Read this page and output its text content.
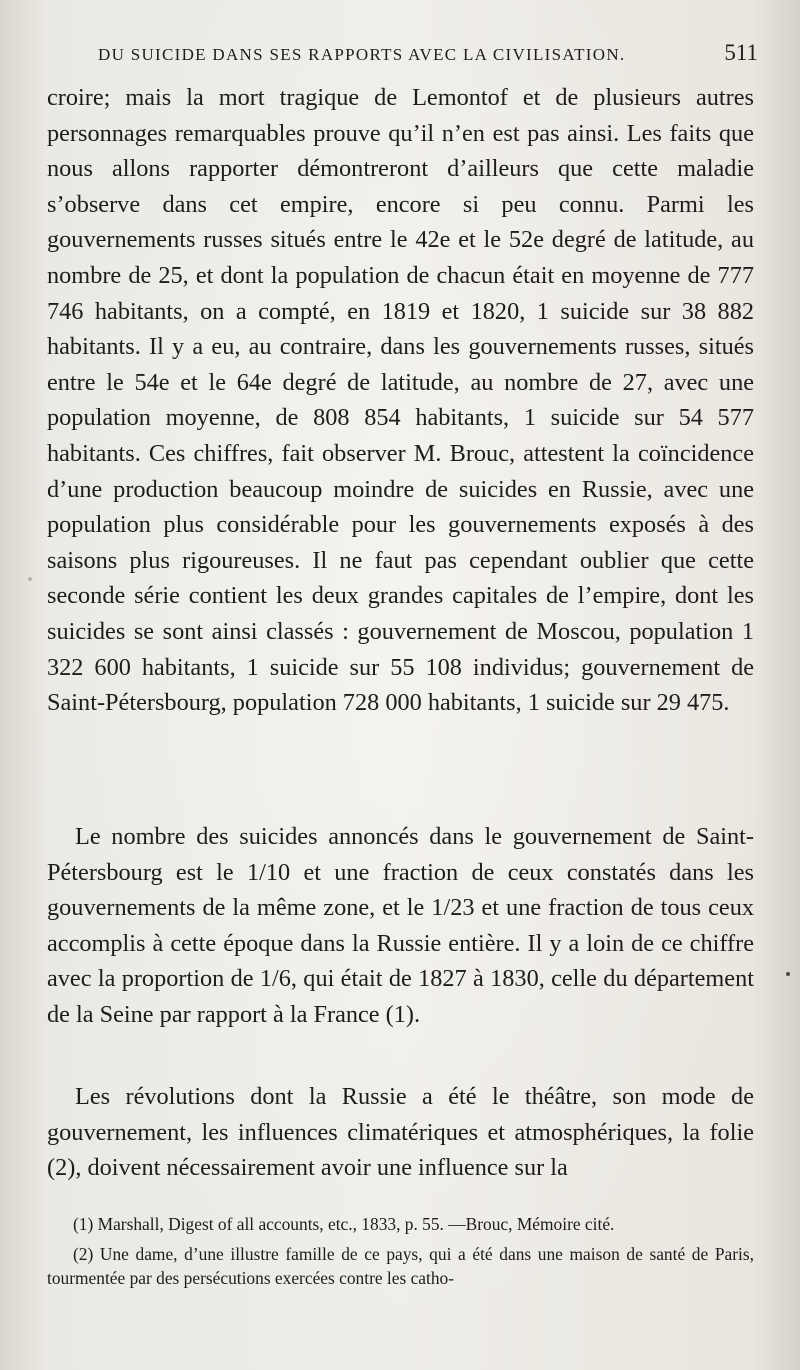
DU SUICIDE DANS SES RAPPORTS AVEC LA CIVILISATION.	511

croire; mais la mort tragique de Lemontof et de plusieurs autres personnages remarquables prouve qu’il n’en est pas ainsi. Les faits que nous allons rapporter démontreront d’ailleurs que cette maladie s’observe dans cet empire, encore si peu connu. Parmi les gouvernements russes situés entre le 42e et le 52e degré de latitude, au nombre de 25, et dont la population de chacun était en moyenne de 777 746 habitants, on a compté, en 1819 et 1820, 1 suicide sur 38 882 habitants. Il y a eu, au contraire, dans les gouvernements russes, situés entre le 54e et le 64e degré de latitude, au nombre de 27, avec une population moyenne, de 808 854 habitants, 1 suicide sur 54 577 habitants. Ces chiffres, fait observer M. Brouc, attestent la coïncidence d’une production beaucoup moindre de suicides en Russie, avec une population plus considérable pour les gouvernements exposés à des saisons plus rigoureuses. Il ne faut pas cependant oublier que cette seconde série contient les deux grandes capitales de l’empire, dont les suicides se sont ainsi classés : gouvernement de Moscou, population 1 322 600 habitants, 1 suicide sur 55 108 individus; gouvernement de Saint-Pétersbourg, population 728 000 habitants, 1 suicide sur 29 475.

Le nombre des suicides annoncés dans le gouvernement de Saint-Pétersbourg est le 1/10 et une fraction de ceux constatés dans les gouvernements de la même zone, et le 1/23 et une fraction de tous ceux accomplis à cette époque dans la Russie entière. Il y a loin de ce chiffre avec la proportion de 1/6, qui était de 1827 à 1830, celle du département de la Seine par rapport à la France (1).

Les révolutions dont la Russie a été le théâtre, son mode de gouvernement, les influences climatériques et atmosphériques, la folie (2), doivent nécessairement avoir une influence sur la

(1) Marshall, Digest of all accounts, etc., 1833, p. 55. —Brouc, Mémoire cité.

(2) Une dame, d’une illustre famille de ce pays, qui a été dans une maison de santé de Paris, tourmentée par des persécutions exercées contre les catho-
